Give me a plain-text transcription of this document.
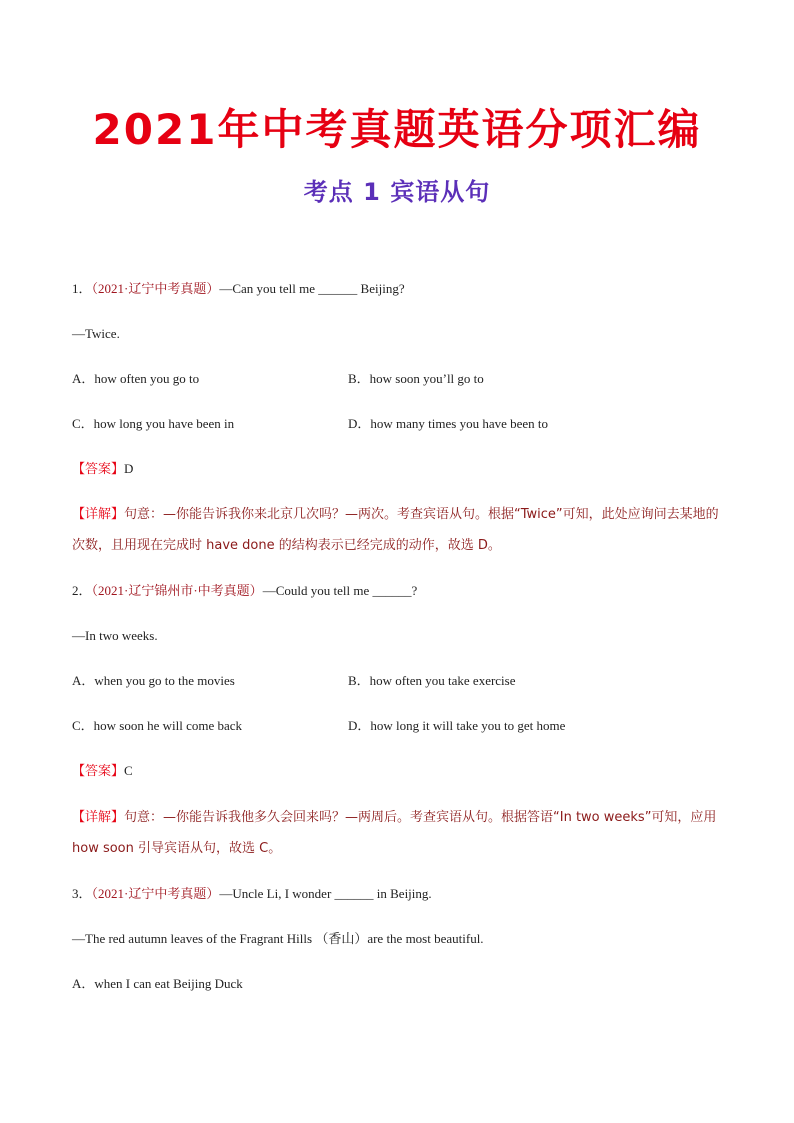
2021年中考真题英语分项汇编
考点 1 宾语从句
1．（2021·辽宁中考真题）—Can you tell me ______ Beijing?
—Twice.
A．how often you go to	B．how soon you’ll go to
C．how long you have been in	D．how many times you have been to
【答案】D
【详解】句意：—你能告诉我你来北京几次吗？—两次。考查宾语从句。根据“Twice”可知，此处应询问去某地的次数，且用现在完成时 have done 的结构表示已经完成的动作，故选 D。
2．（2021·辽宁锦州市·中考真题）—Could you tell me ______?
—In two weeks.
A．when you go to the movies	B．how often you take exercise
C．how soon he will come back	D．how long it will take you to get home
【答案】C
【详解】句意：—你能告诉我他多久会回来吗？—两周后。考查宾语从句。根据答语“In two weeks”可知，应用 how soon 引导宾语从句，故选 C。
3．（2021·辽宁中考真题）—Uncle Li, I wonder ______ in Beijing.
—The red autumn leaves of the Fragrant Hills （香山）are the most beautiful.
A．when I can eat Beijing Duck
